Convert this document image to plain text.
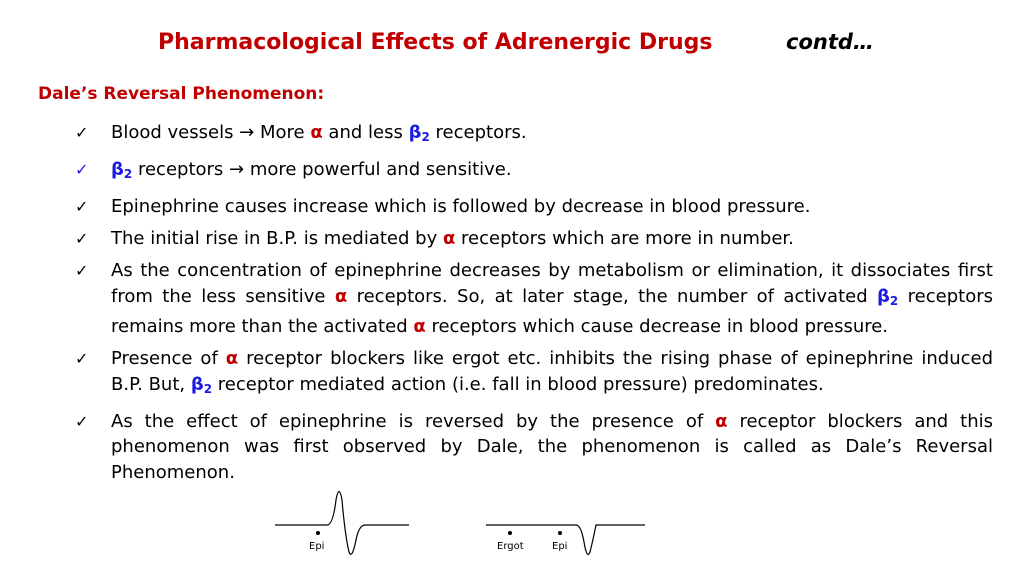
Pharmacological Effects of Adrenergic Drugs	contd…
Dale’s Reversal Phenomenon:
✓ Blood vessels → More α and less $\beta_2$ receptors.
✓ $\beta_2$ receptors → more powerful and sensitive.
✓ Epinephrine causes increase which is followed by decrease in blood pressure.
✓ The initial rise in B.P. is mediated by α receptors which are more in number.
✓ As the concentration of epinephrine decreases by metabolism or elimination, it dissociates first from the less sensitive α receptors. So, at later stage, the number of activated $\beta_2$ receptors remains more than the activated α receptors which cause decrease in blood pressure.
✓ Presence of α receptor blockers like ergot etc. inhibits the rising phase of epinephrine induced B.P. But, $\beta_2$ receptor mediated action (i.e. fall in blood pressure) predominates.
✓ As the effect of epinephrine is reversed by the presence of α receptor blockers and this phenomenon was first observed by Dale, the phenomenon is called as Dale’s Reversal Phenomenon.
Epi	Ergot	Epi
